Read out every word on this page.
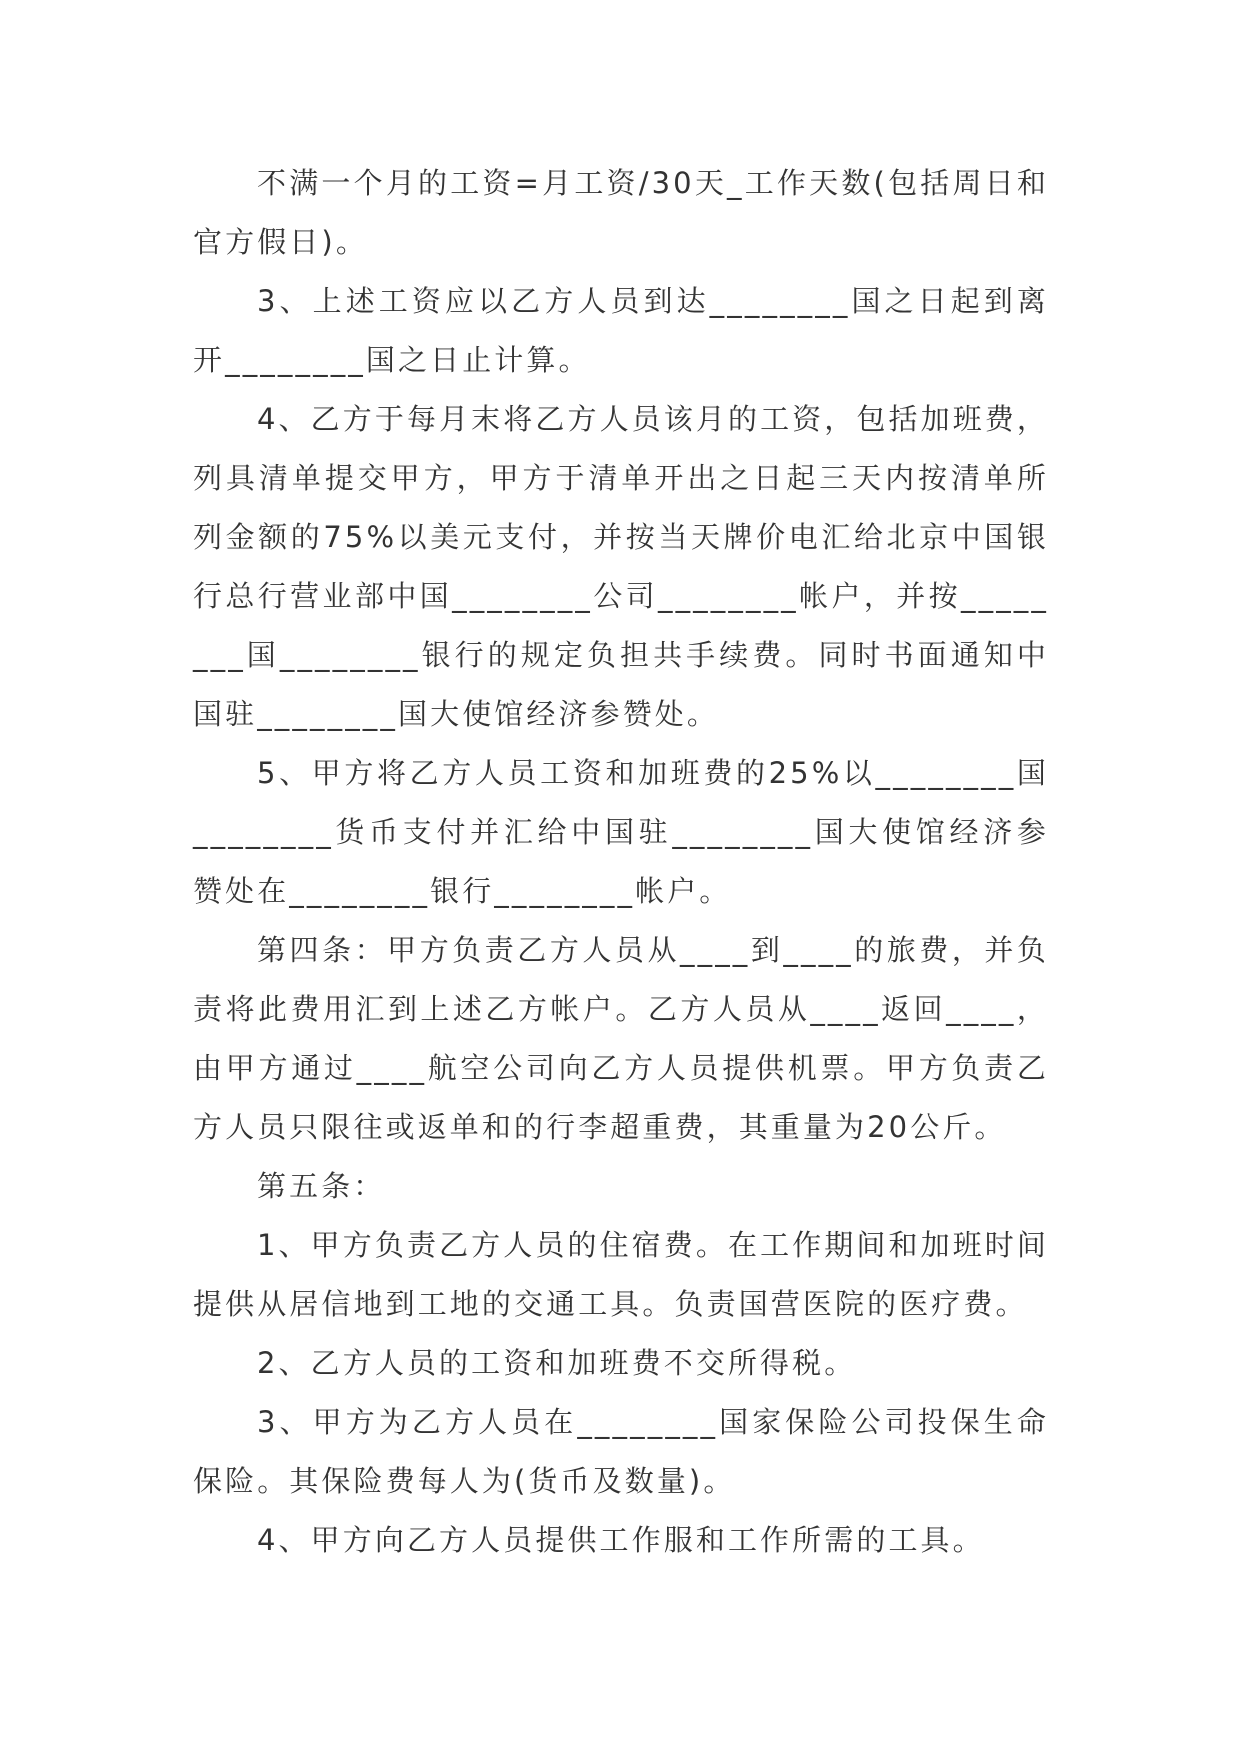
不满一个月的工资=月工资/30天_工作天数(包括周日和官方假日)。

3、上述工资应以乙方人员到达________国之日起到离开________国之日止计算。

4、乙方于每月末将乙方人员该月的工资，包括加班费，列具清单提交甲方，甲方于清单开出之日起三天内按清单所列金额的75%以美元支付，并按当天牌价电汇给北京中国银行总行营业部中国________公司________帐户，并按________国________银行的规定负担共手续费。同时书面通知中国驻________国大使馆经济参赞处。

5、甲方将乙方人员工资和加班费的25%以________国________货币支付并汇给中国驻________国大使馆经济参赞处在________银行________帐户。

第四条：甲方负责乙方人员从____到____的旅费，并负责将此费用汇到上述乙方帐户。乙方人员从____返回____，由甲方通过____航空公司向乙方人员提供机票。甲方负责乙方人员只限往或返单和的行李超重费，其重量为20公斤。

第五条：

1、甲方负责乙方人员的住宿费。在工作期间和加班时间提供从居信地到工地的交通工具。负责国营医院的医疗费。

2、乙方人员的工资和加班费不交所得税。

3、甲方为乙方人员在________国家保险公司投保生命保险。其保险费每人为(货币及数量)。

4、甲方向乙方人员提供工作服和工作所需的工具。
